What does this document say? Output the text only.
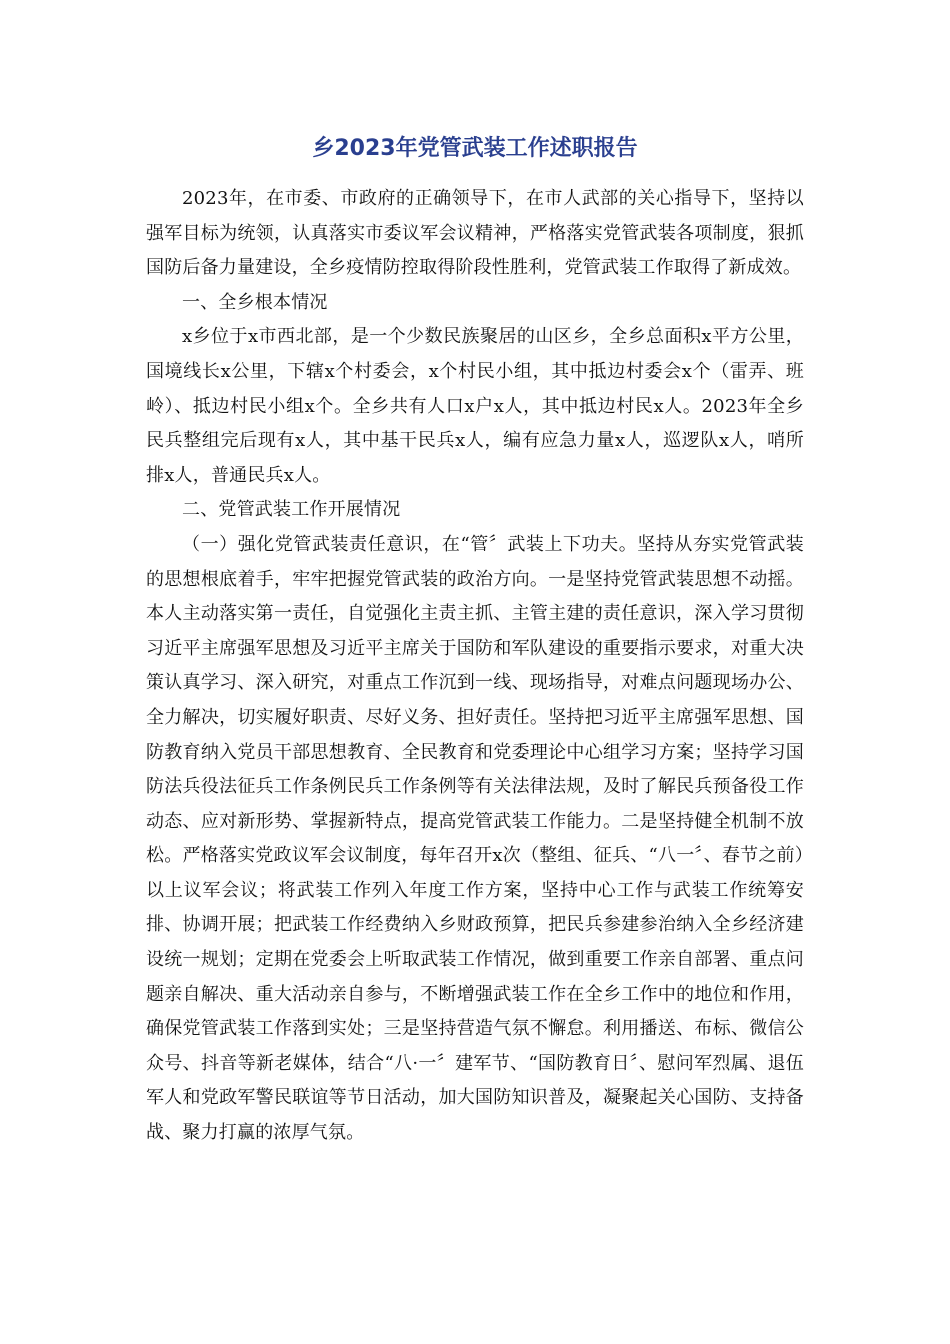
乡2023年党管武装工作述职报告

2023年，在市委、市政府的正确领导下，在市人武部的关心指导下，坚持以强军目标为统领，认真落实市委议军会议精神，严格落实党管武装各项制度，狠抓国防后备力量建设，全乡疫情防控取得阶段性胜利，党管武装工作取得了新成效。

一、全乡根本情况

x乡位于x市西北部，是一个少数民族聚居的山区乡，全乡总面积x平方公里，国境线长x公里，下辖x个村委会，x个村民小组，其中抵边村委会x个（雷弄、班岭）、抵边村民小组x个。全乡共有人口x户x人，其中抵边村民x人。2023年全乡民兵整组完后现有x人，其中基干民兵x人，编有应急力量x人，巡逻队x人，哨所排x人，普通民兵x人。

二、党管武装工作开展情况

（一）强化党管武装责任意识，在“管〞武装上下功夫。坚持从夯实党管武装的思想根底着手，牢牢把握党管武装的政治方向。一是坚持党管武装思想不动摇。本人主动落实第一责任，自觉强化主责主抓、主管主建的责任意识，深入学习贯彻习近平主席强军思想及习近平主席关于国防和军队建设的重要指示要求，对重大决策认真学习、深入研究，对重点工作沉到一线、现场指导，对难点问题现场办公、全力解决，切实履好职责、尽好义务、担好责任。坚持把习近平主席强军思想、国防教育纳入党员干部思想教育、全民教育和党委理论中心组学习方案；坚持学习国防法兵役法征兵工作条例民兵工作条例等有关法律法规，及时了解民兵预备役工作动态、应对新形势、掌握新特点，提高党管武装工作能力。二是坚持健全机制不放松。严格落实党政议军会议制度，每年召开x次（整组、征兵、“八一〞、春节之前）以上议军会议；将武装工作列入年度工作方案，坚持中心工作与武装工作统筹安排、协调开展；把武装工作经费纳入乡财政预算，把民兵参建参治纳入全乡经济建设统一规划；定期在党委会上听取武装工作情况，做到重要工作亲自部署、重点问题亲自解决、重大活动亲自参与，不断增强武装工作在全乡工作中的地位和作用，确保党管武装工作落到实处；三是坚持营造气氛不懈怠。利用播送、布标、微信公众号、抖音等新老媒体，结合“八·一〞建军节、“国防教育日〞、慰问军烈属、退伍军人和党政军警民联谊等节日活动，加大国防知识普及，凝聚起关心国防、支持备战、聚力打赢的浓厚气氛。
